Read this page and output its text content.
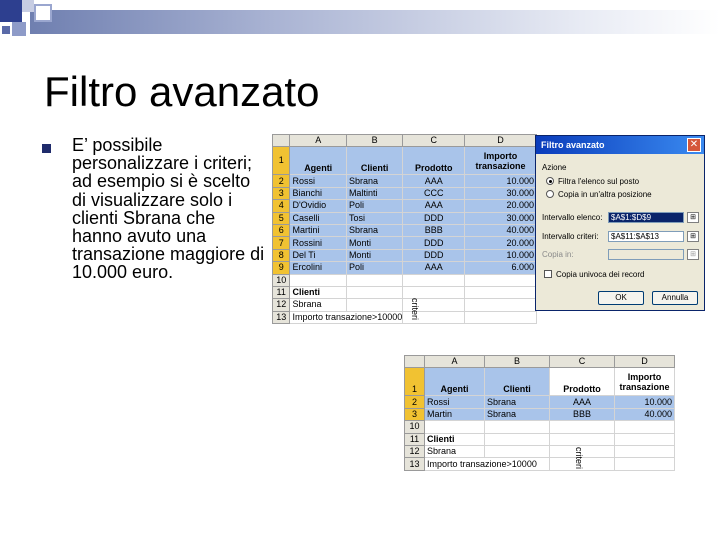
Filtro avanzato
E’ possibile personalizzare i criteri; ad esempio si è scelto di visualizzare solo i clienti Sbrana che hanno avuto una transazione maggiore di 10.000 euro.
	A	B	C	D
1	Agenti	Clienti	Prodotto	Importo transazione
2	Rossi	Sbrana	AAA	10.000
3	Bianchi	Maltinti	CCC	30.000
4	D'Ovidio	Poli	AAA	20.000
5	Caselli	Tosi	DDD	30.000
6	Martini	Sbrana	BBB	40.000
7	Rossini	Monti	DDD	20.000
8	Del Ti	Monti	DDD	10.000
9	Ercolini	Poli	AAA	6.000
10				
11	Clienti			
12	Sbrana			
13	Importo transazione>10000			criteri
Filtro avanzato	✕
Azione
Filtra l'elenco sul posto
Copia in un'altra posizione
Intervallo elenco:	$A$1:$D$9	⊞
Intervallo criteri:	$A$11:$A$13	⊞
Copia in:	⊞
Copia univoca dei record
OK	Annulla
	A	B	C	D
1	Agenti	Clienti	Prodotto	Importo transazione
2	Rossi	Sbrana	AAA	10.000
3	Martin	Sbrana	BBB	40.000
10				
11	Clienti			
12	Sbrana			
13	Importo transazione>10000				criteri
